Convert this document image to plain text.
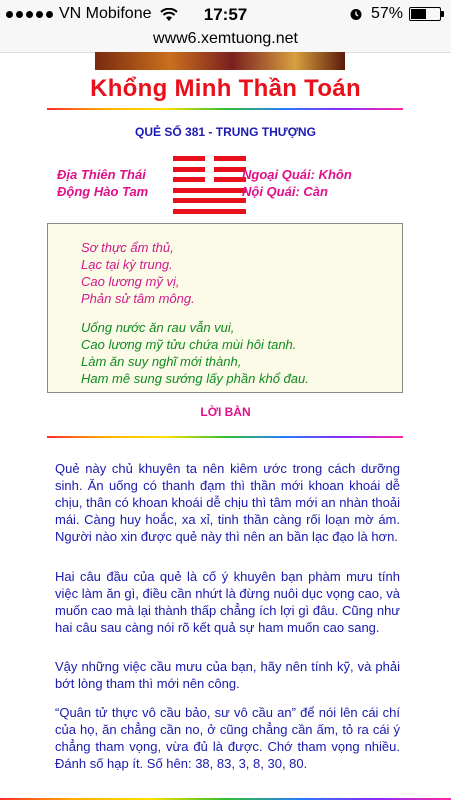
VN Mobifone	17:57	57%
www6.xemtuong.net
Khổng Minh Thần Toán
QUẺ SỐ 381 - TRUNG THƯỢNG
Địa Thiên Thái
Động Hào Tam
Ngoại Quái: Khôn
Nội Quái: Càn
Sơ thực ẩm thủ,
Lạc tại kỳ trung.
Cao lương mỹ vị,
Phản sử tâm mông.
Uống nước ăn rau vẫn vui,
Cao lương mỹ tửu chứa mùi hôi tanh.
Làm ăn suy nghĩ mới thành,
Ham mê sung sướng lấy phần khổ đau.
LỜI BÀN
Quẻ này chủ khuyên ta nên kiêm ước trong cách dưỡng sinh. Ăn uống có thanh đạm thì thần mới khoan khoái dễ chịu, thân có khoan khoái dễ chịu thì tâm mới an nhàn thoải mái. Càng huy hoắc, xa xỉ, tinh thần càng rối loạn mờ ám. Người nào xin được quẻ này thì nên an bần lạc đạo là hơn.
Hai câu đầu của quẻ là cố ý khuyên bạn phàm mưu tính việc làm ăn gì, điều cần nhứt là đừng nuôi dục vọng cao, và muốn cao mà lại thành thấp chẳng ích lợi gì đâu. Cũng như hai câu sau càng nói rõ kết quả sự ham muốn cao sang.
Vậy những việc cầu mưu của bạn, hãy nên tính kỹ, và phải bớt lòng tham thì mới nên công.
“Quân tử thực vô cầu bảo, sư vô cầu an” để nói lên cái chí của họ, ăn chẳng cần no, ở cũng chẳng cần ấm, tỏ ra cái ý chẳng tham vọng, vừa đủ là được. Chớ tham vọng nhiều. Đánh số hạp ít. Số hên: 38, 83, 3, 8, 30, 80.
